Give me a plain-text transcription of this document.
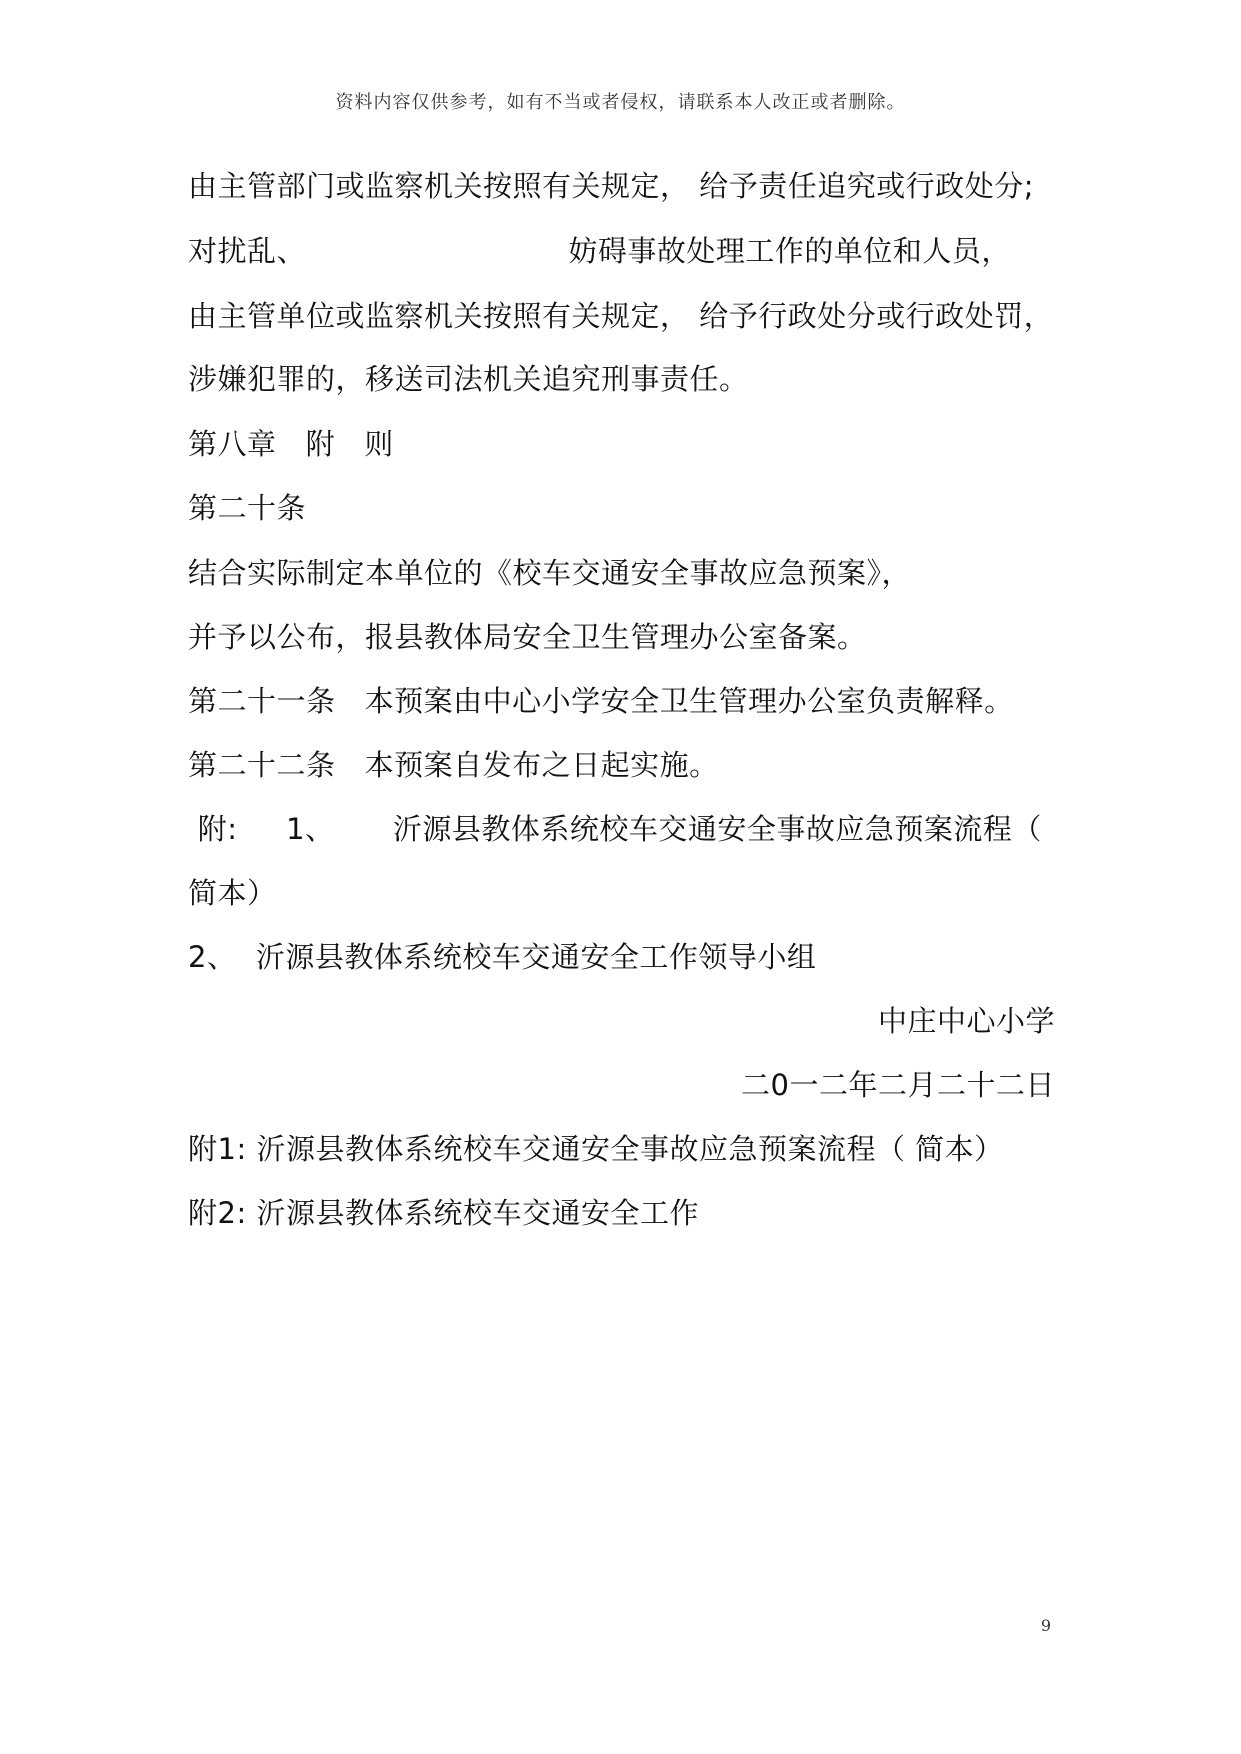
资料内容仅供参考，如有不当或者侵权，请联系本人改正或者删除。
由主管部门或监察机关按照有关规定， 给予责任追究或行政处分;
对扰乱、                           妨碍事故处理工作的单位和人员，
由主管单位或监察机关按照有关规定， 给予行政处分或行政处罚，
涉嫌犯罪的，移送司法机关追究刑事责任。
第八章   附   则
第二十条
结合实际制定本单位的《校车交通安全事故应急预案》，
并予以公布，报县教体局安全卫生管理办公室备案。
第二十一条   本预案由中心小学安全卫生管理办公室负责解释。
第二十二条   本预案自发布之日起实施。
附:     1、      沂源县教体系统校车交通安全事故应急预案流程（
简本）
2、  沂源县教体系统校车交通安全工作领导小组
中庄中心小学
二0一二年二月二十二日
附1: 沂源县教体系统校车交通安全事故应急预案流程（ 简本）
附2: 沂源县教体系统校车交通安全工作
9
